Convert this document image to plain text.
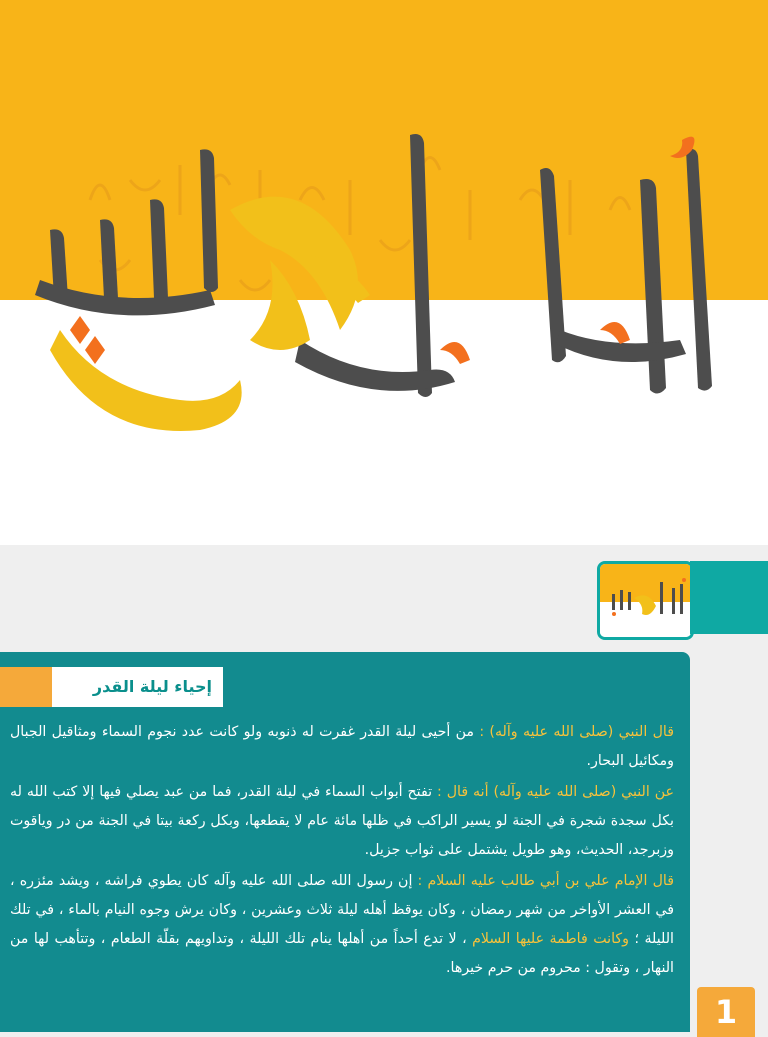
إحياء ليلة القدر

قال النبي (صلى الله عليه وآله) : من أحيى ليلة القدر غفرت له ذنوبه ولو كانت عدد نجوم السماء ومثاقيل الجبال ومكائيل البحار.

عن النبي (صلى الله عليه وآله) أنه قال : تفتح أبواب السماء في ليلة القدر، فما من عبد يصلي فيها إلا كتب الله له بكل سجدة شجرة في الجنة لو يسير الراكب في ظلها مائة عام لا يقطعها، وبكل ركعة بيتا في الجنة من در وياقوت وزبرجد، الحديث، وهو طويل يشتمل على ثواب جزيل.

قال الإمام علي بن أبي طالب عليه السلام : إن رسول الله صلى الله عليه وآله كان يطوي فراشه ، ويشد مئزره ، في العشر الأواخر من شهر رمضان ، وكان يوقظ أهله ليلة ثلاث وعشرين ، وكان يرش وجوه النيام بالماء ، في تلك الليلة ؛ وكانت فاطمة عليها السلام ، لا تدع أحداً من أهلها ينام تلك الليلة ، وتداويهم بقلّة الطعام ، وتتأهب لها من النهار ، وتقول : محروم من حرم خيرها.

1
